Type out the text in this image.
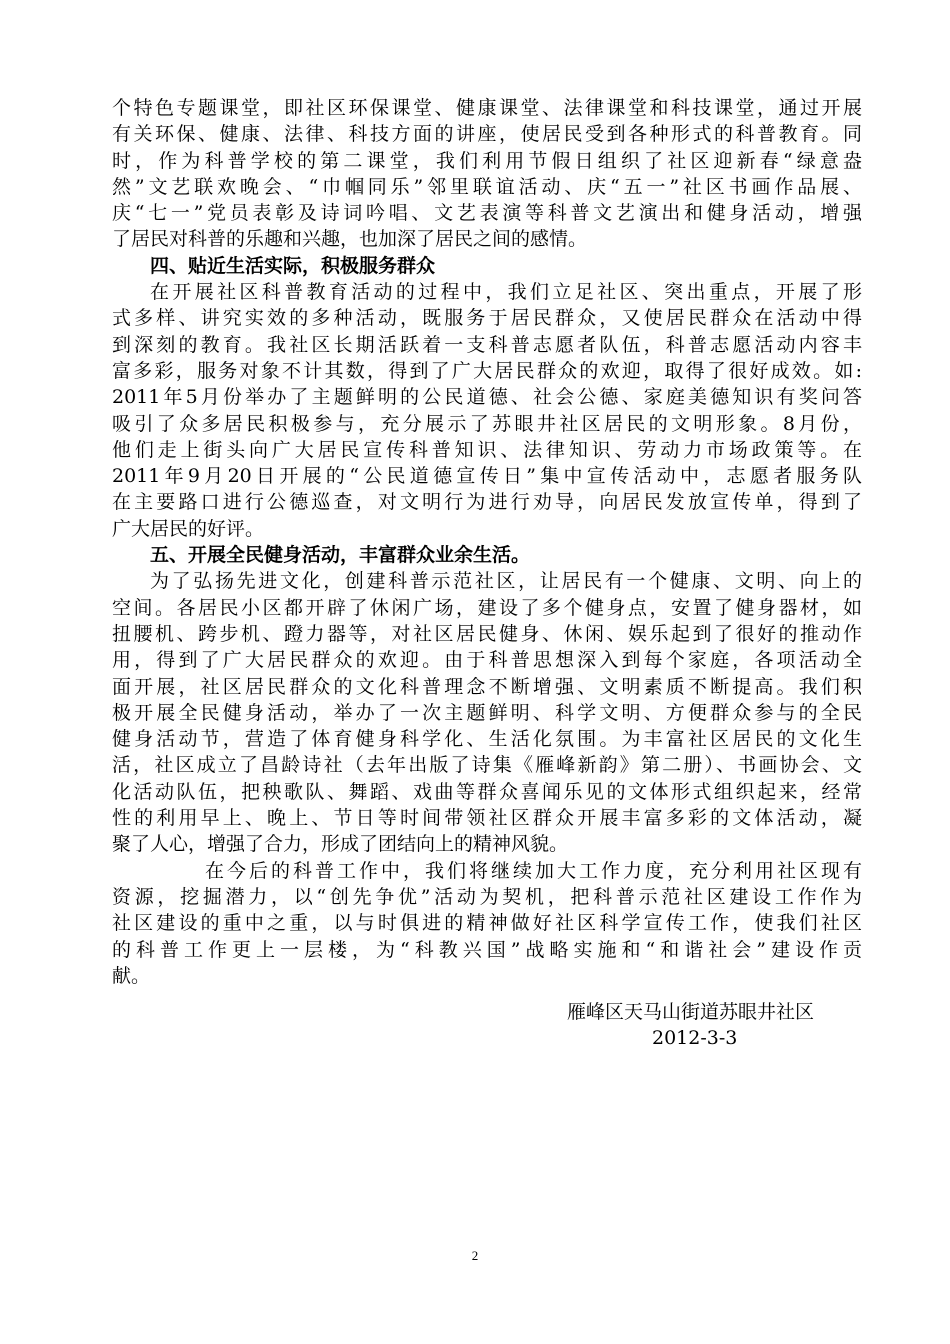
个特色专题课堂，即社区环保课堂、健康课堂、法律课堂和科技课堂，通过开展
有关环保、健康、法律、科技方面的讲座，使居民受到各种形式的科普教育。同
时，作为科普学校的第二课堂，我们利用节假日组织了社区迎新春“绿意盎
然”文艺联欢晚会、“巾帼同乐”邻里联谊活动、庆“五一”社区书画作品展、
庆“七一”党员表彰及诗词吟唱、文艺表演等科普文艺演出和健身活动，增强
了居民对科普的乐趣和兴趣，也加深了居民之间的感情。
四、贴近生活实际，积极服务群众
在开展社区科普教育活动的过程中，我们立足社区、突出重点，开展了形
式多样、讲究实效的多种活动，既服务于居民群众，又使居民群众在活动中得
到深刻的教育。我社区长期活跃着一支科普志愿者队伍，科普志愿活动内容丰
富多彩，服务对象不计其数，得到了广大居民群众的欢迎，取得了很好成效。如:
2011年5月份举办了主题鲜明的公民道德、社会公德、家庭美德知识有奖问答
吸引了众多居民积极参与，充分展示了苏眼井社区居民的文明形象。8月份，
他们走上街头向广大居民宣传科普知识、法律知识、劳动力市场政策等。在
2011年9月20日开展的“公民道德宣传日”集中宣传活动中，志愿者服务队
在主要路口进行公德巡查，对文明行为进行劝导，向居民发放宣传单，得到了
广大居民的好评。
五、开展全民健身活动，丰富群众业余生活。
为了弘扬先进文化，创建科普示范社区，让居民有一个健康、文明、向上的
空间。各居民小区都开辟了休闲广场，建设了多个健身点，安置了健身器材，如
扭腰机、跨步机、蹬力器等，对社区居民健身、休闲、娱乐起到了很好的推动作
用，得到了广大居民群众的欢迎。由于科普思想深入到每个家庭，各项活动全
面开展，社区居民群众的文化科普理念不断增强、文明素质不断提高。我们积
极开展全民健身活动，举办了一次主题鲜明、科学文明、方便群众参与的全民
健身活动节，营造了体育健身科学化、生活化氛围。为丰富社区居民的文化生
活，社区成立了昌龄诗社（去年出版了诗集《雁峰新韵》第二册）、书画协会、文
化活动队伍，把秧歌队、舞蹈、戏曲等群众喜闻乐见的文体形式组织起来，经常
性的利用早上、晚上、节日等时间带领社区群众开展丰富多彩的文体活动，凝
聚了人心，增强了合力，形成了团结向上的精神风貌。
在今后的科普工作中，我们将继续加大工作力度，充分利用社区现有
资源，挖掘潜力，以“创先争优”活动为契机，把科普示范社区建设工作作为
社区建设的重中之重，以与时俱进的精神做好社区科学宣传工作，使我们社区
的科普工作更上一层楼，为“科教兴国”战略实施和“和谐社会”建设作贡
献。
雁峰区天马山街道苏眼井社区
2012-3-3
2
